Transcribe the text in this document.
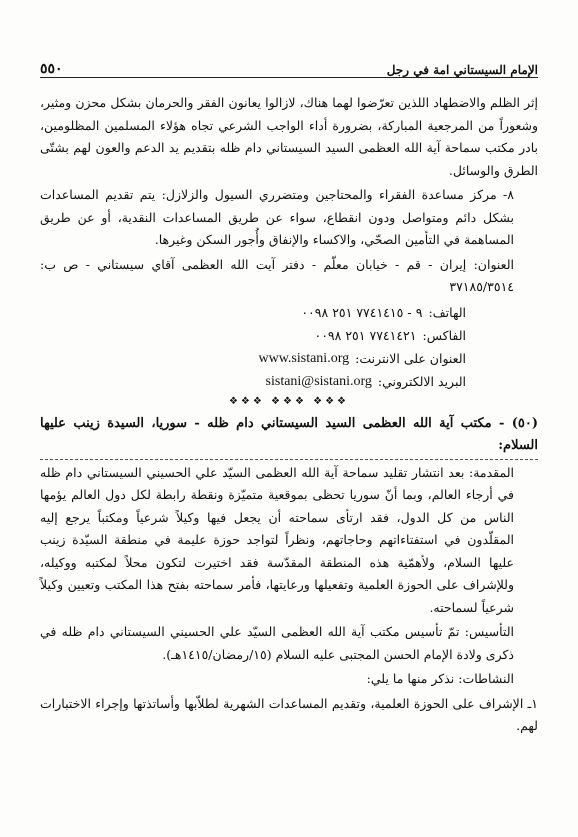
الإمام السيستاني امة في رجل
٥٥٠

إثر الظلم والاضطهاد اللذين تعرّضوا لهما هناك، لازالوا يعانون الفقر والحرمان بشكل محزن ومثير، وشعوراً من المرجعية المباركة، بضرورة أداء الواجب الشرعي تجاه هؤلاء المسلمين المظلومين، بادر مكتب سماحة آية الله العظمى السيد السيستاني دام ظله بتقديم يد الدعم والعون لهم بشتّى الطرق والوسائل.

٨- مركز مساعدة الفقراء والمحتاجين ومتضرري السيول والزلازل: يتم تقديم المساعدات بشكل دائم ومتواصل ودون انقطاع، سواء عن طريق المساعدات النقدية، أو عن طريق المساهمة في التأمين الصحّي، والاكساء والإنفاق وأُجور السكن وغيرها.

العنوان: إيران - قم - خيابان معلّم - دفتر آيت الله العظمى آقاي سيستاني - ص ب: ٣٧١٨٥/٣٥١٤

الهاتف:
٩ - ٧٧٤١٤١٥ ٢٥١ ٠٠٩٨
الفاكس:
٧٧٤١٤٢١ ٢٥١ ٠٠٩٨
العنوان على الانترنت:
www.sistani.org
البريد الالكتروني:
sistani@sistani.org
❖❖❖ ❖❖❖ ❖❖❖

(٥٠) - مكتب آية الله العظمى السيد السيستاني دام ظله - سوريا، السيدة زينب عليها السلام:

المقدمة: بعد انتشار تقليد سماحة آية الله العظمى السيّد علي الحسيني السيستاني دام ظله في أرجاء العالم، وبما أنّ سوريا تحظى بموقعية متميّزة ونقطة رابطة لكل دول العالم يؤمها الناس من كل الدول، فقد ارتأى سماحته أن يجعل فيها وكيلاً شرعياً ومكتباً يرجع إليه المقلّدون في استفتاءاتهم وحاجاتهم، ونظراً لتواجد حوزة عليمة في منطقة السيّدة زينب عليها السلام، ولأهمّية هذه المنطقة المقدّسة فقد اختيرت لتكون محلاً لمكتبه ووكيله، وللإشراف على الحوزة العلمية وتفعيلها ورعايتها، فأمر سماحته بفتح هذا المكتب وتعيين وكيلاً شرعياً لسماحته.

التأسيس: تمّ تأسيس مكتب آية الله العظمى السيّد علي الحسيني السيستاني دام ظله في ذكرى ولادة الإمام الحسن المجتبى عليه السلام (١٥/رمضان/١٤١٥هـ).

النشاطات: نذكر منها ما يلي:

١ـ الإشراف على الحوزة العلمية، وتقديم المساعدات الشهرية لطلاّبها وأساتذتها وإجراء الاختبارات لهم.
